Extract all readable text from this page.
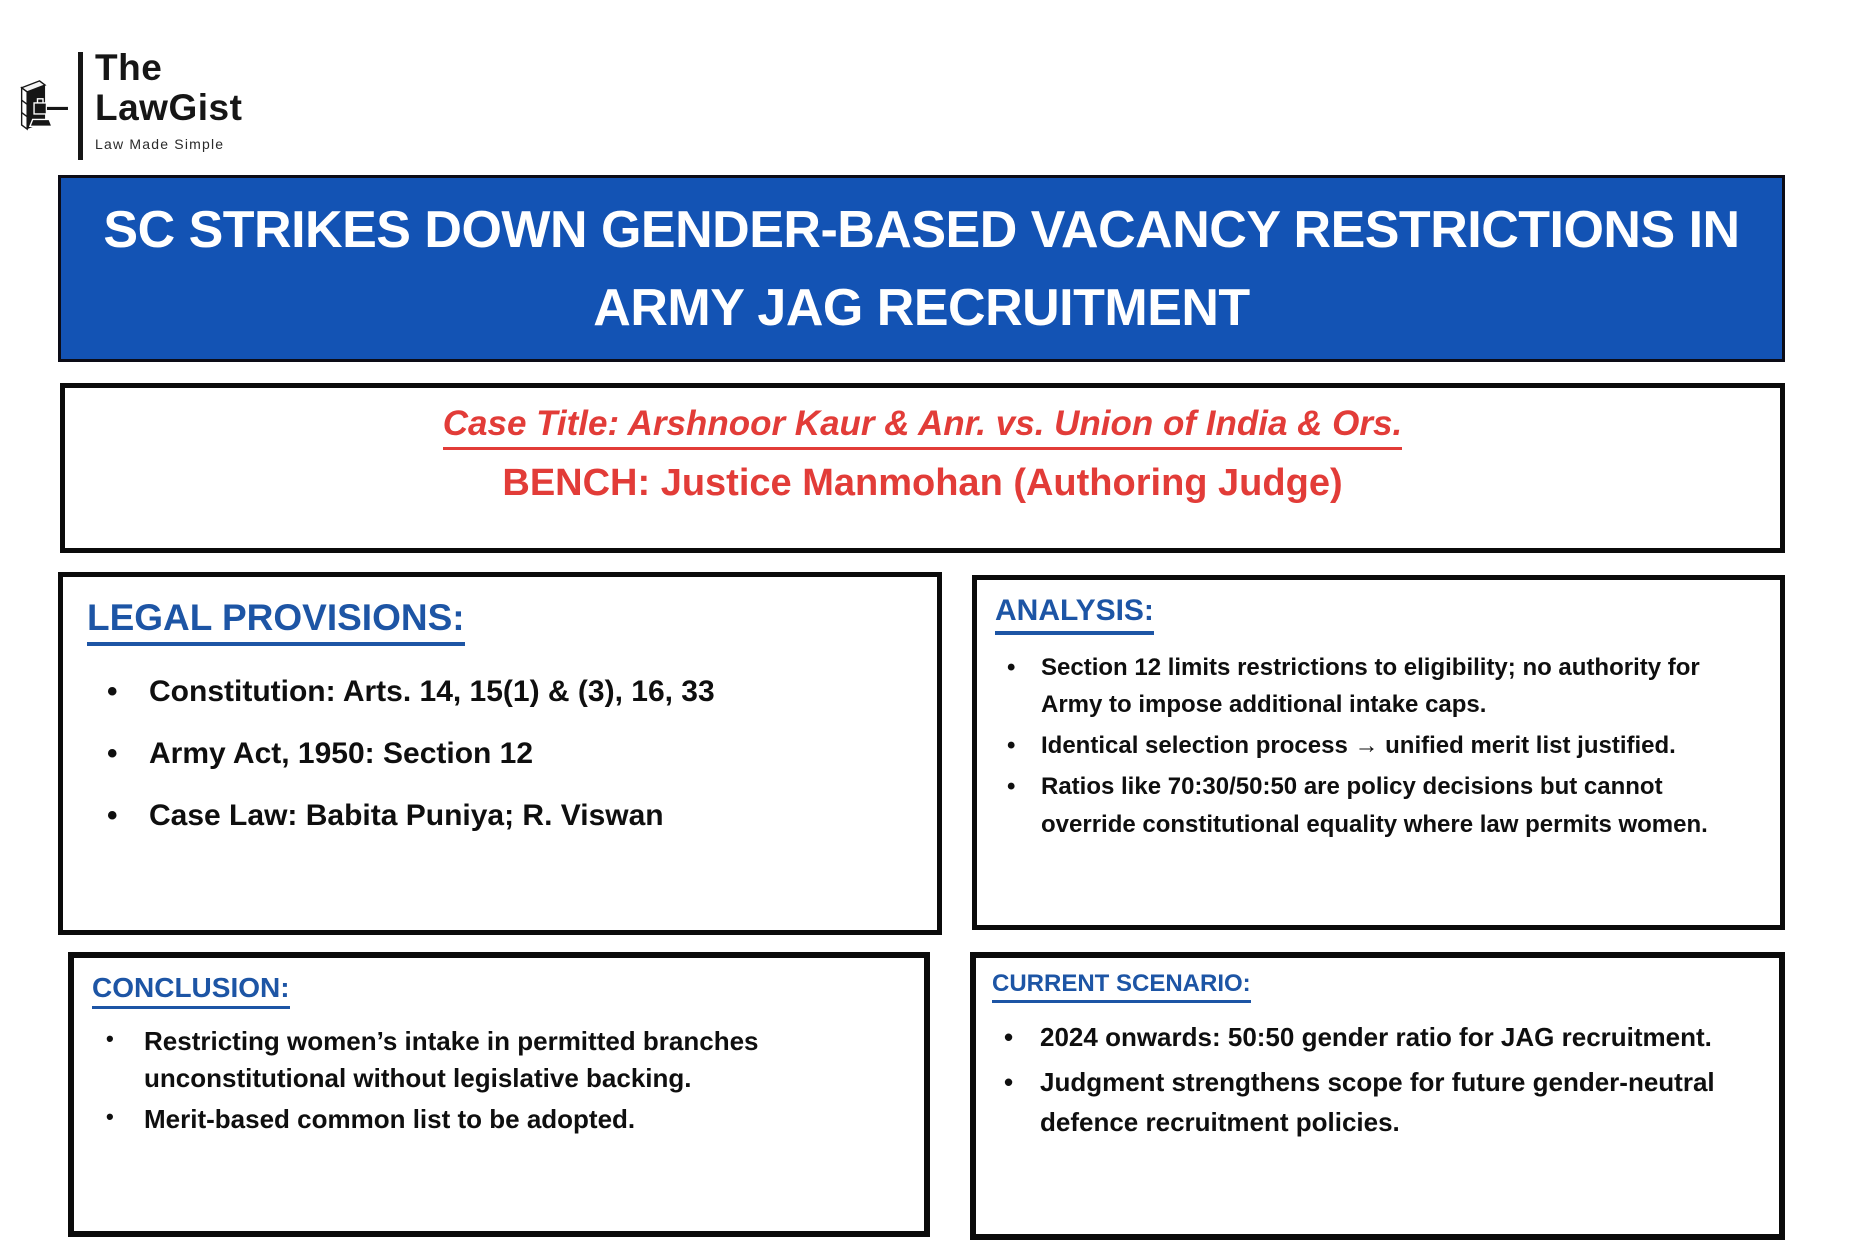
The
LawGist
Law Made Simple
SC STRIKES DOWN GENDER-BASED VACANCY RESTRICTIONS IN ARMY JAG RECRUITMENT
Case Title: Arshnoor Kaur & Anr. vs. Union of India & Ors.
BENCH: Justice Manmohan (Authoring Judge)
LEGAL PROVISIONS:
• Constitution: Arts. 14, 15(1) & (3), 16, 33
• Army Act, 1950: Section 12
• Case Law: Babita Puniya; R. Viswan
ANALYSIS:
• Section 12 limits restrictions to eligibility; no authority for Army to impose additional intake caps.
• Identical selection process → unified merit list justified.
• Ratios like 70:30/50:50 are policy decisions but cannot override constitutional equality where law permits women.
CONCLUSION:
• Restricting women’s intake in permitted branches unconstitutional without legislative backing.
• Merit-based common list to be adopted.
CURRENT SCENARIO:
• 2024 onwards: 50:50 gender ratio for JAG recruitment.
• Judgment strengthens scope for future gender-neutral defence recruitment policies.
